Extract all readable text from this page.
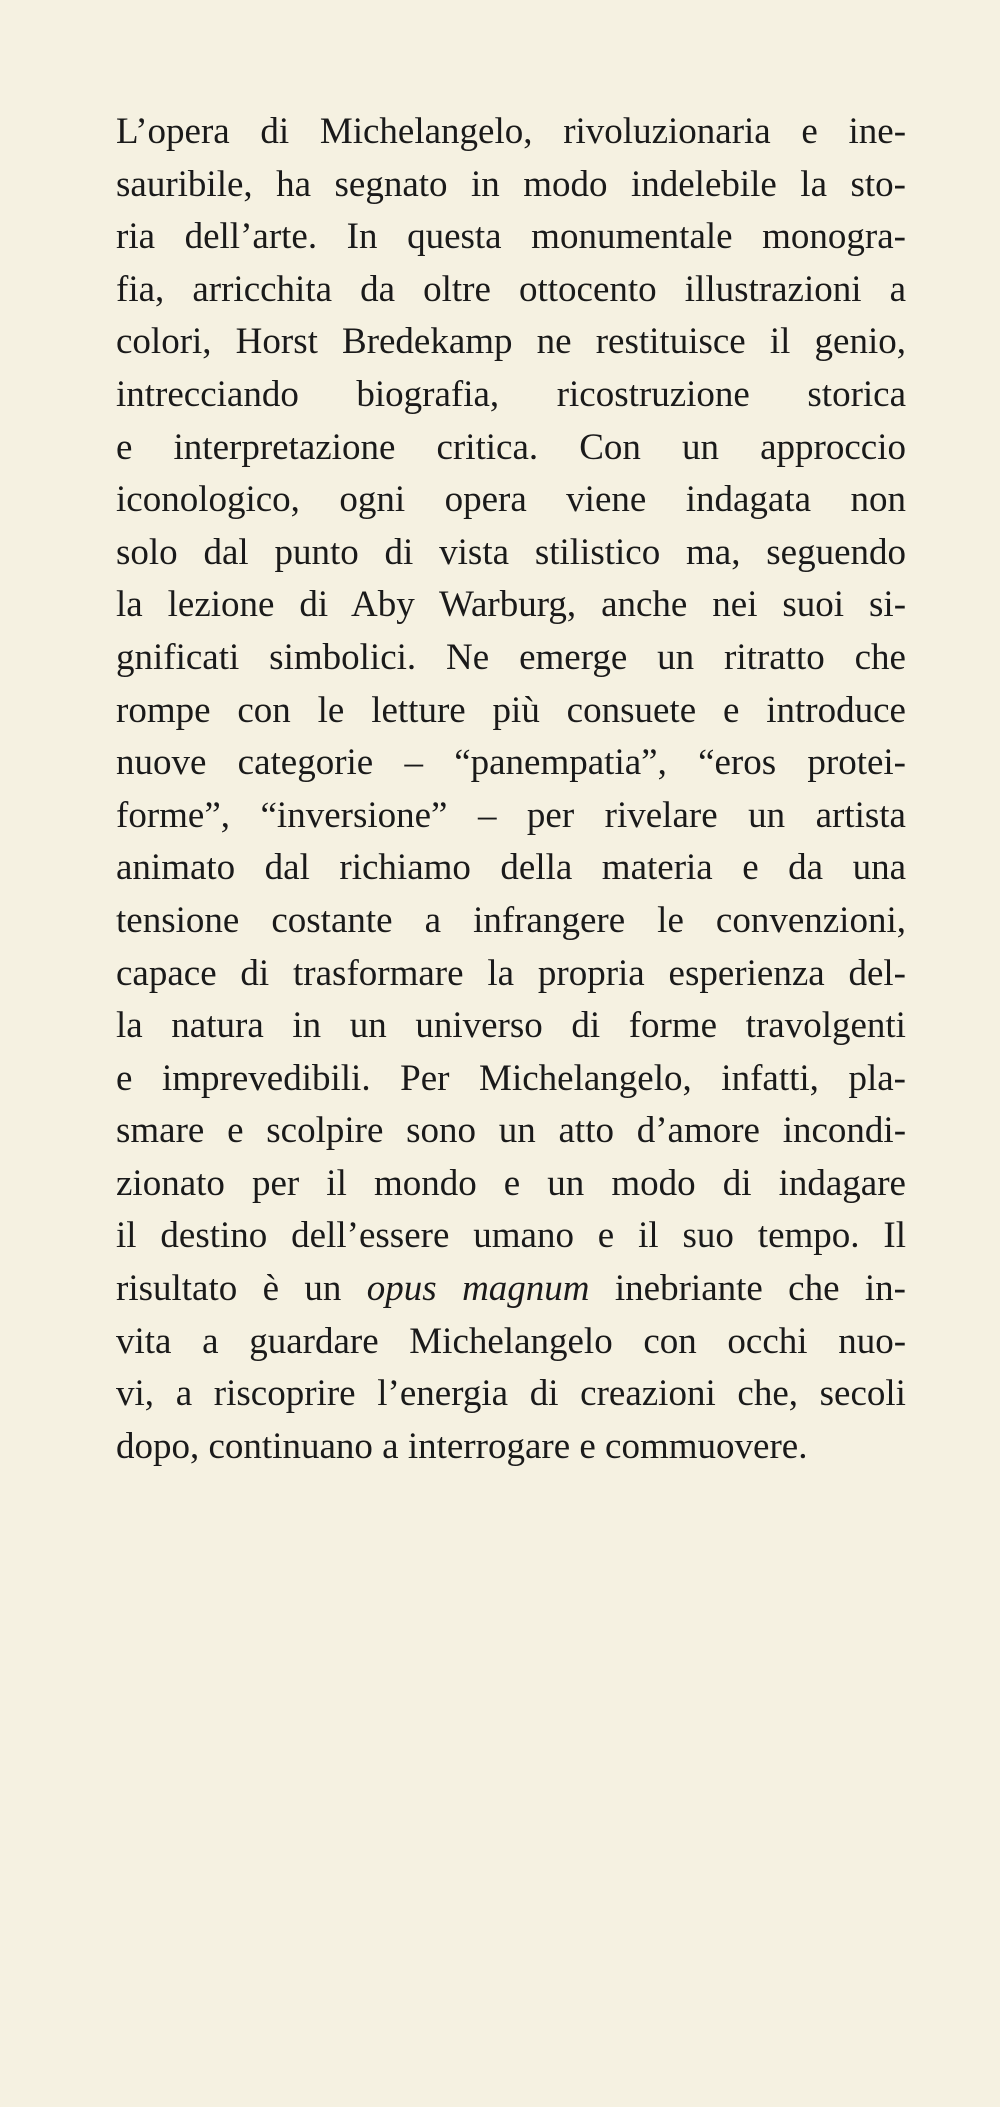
L’opera di Michelangelo, rivoluzionaria e ine-
sauribile, ha segnato in modo indelebile la sto-
ria dell’arte. In questa monumentale monogra-
fia, arricchita da oltre ottocento illustrazioni a
colori, Horst Bredekamp ne restituisce il genio,
intrecciando biografia, ricostruzione storica
e interpretazione critica. Con un approccio
iconologico, ogni opera viene indagata non
solo dal punto di vista stilistico ma, seguendo
la lezione di Aby Warburg, anche nei suoi si-
gnificati simbolici. Ne emerge un ritratto che
rompe con le letture più consuete e introduce
nuove categorie – “panempatia”, “eros protei-
forme”, “inversione” – per rivelare un artista
animato dal richiamo della materia e da una
tensione costante a infrangere le convenzioni,
capace di trasformare la propria esperienza del-
la natura in un universo di forme travolgenti
e imprevedibili. Per Michelangelo, infatti, pla-
smare e scolpire sono un atto d’amore incondi-
zionato per il mondo e un modo di indagare
il destino dell’essere umano e il suo tempo. Il
risultato è un opus magnum inebriante che in-
vita a guardare Michelangelo con occhi nuo-
vi, a riscoprire l’energia di creazioni che, secoli
dopo, continuano a interrogare e commuovere.
